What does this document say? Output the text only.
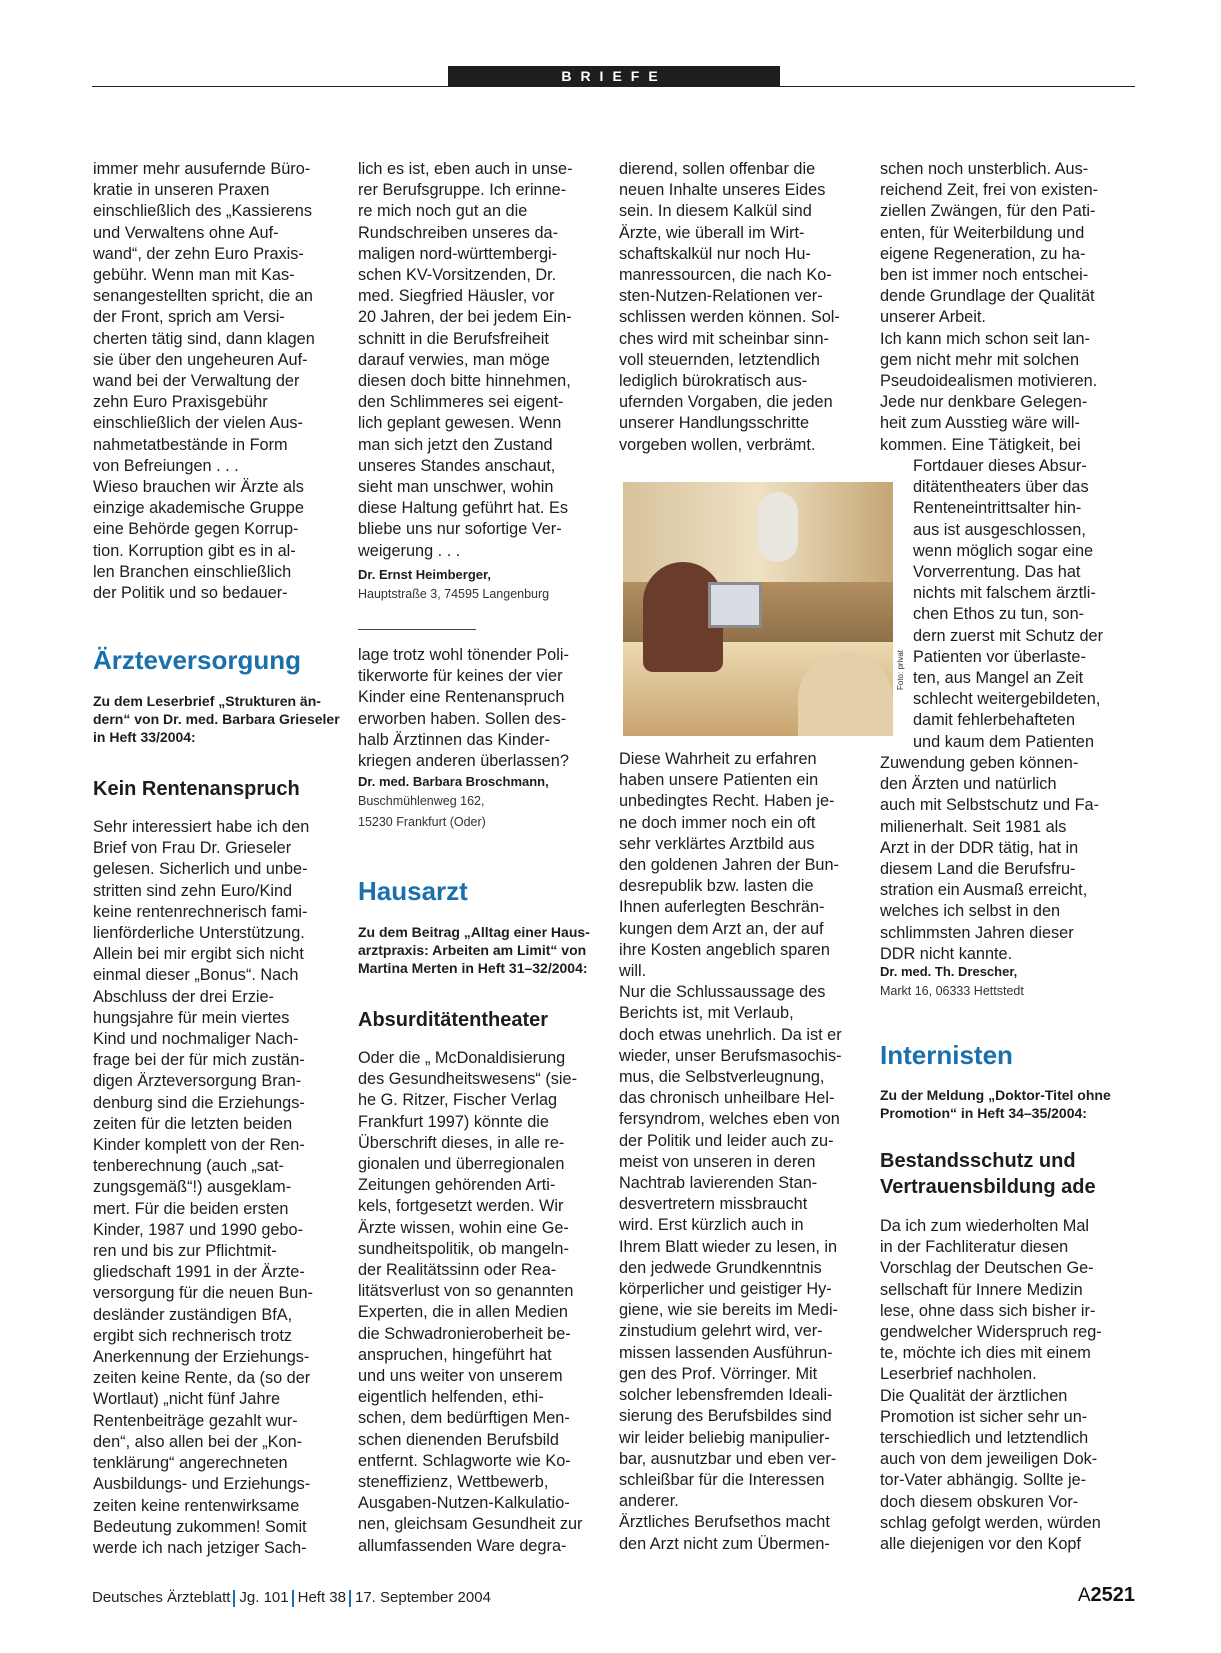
BRIEFE

immer mehr ausufernde Büro-

kratie in unseren Praxen

einschließlich des „Kassierens

und Verwaltens ohne Auf-

wand“, der zehn Euro Praxis-

gebühr. Wenn man mit Kas-

senangestellten spricht, die an

der Front, sprich am Versi-

cherten tätig sind, dann klagen

sie über den ungeheuren Auf-

wand bei der Verwaltung der

zehn Euro Praxisgebühr

einschließlich der vielen Aus-

nahmetatbestände in Form

von Befreiungen . . .

Wieso brauchen wir Ärzte als

einzige akademische Gruppe

eine Behörde gegen Korrup-

tion. Korruption gibt es in al-

len Branchen einschließlich

der Politik und so bedauer-

lich es ist, eben auch in unse-

rer Berufsgruppe. Ich erinne-

re mich noch gut an die

Rundschreiben unseres da-

maligen nord-württembergi-

schen KV-Vorsitzenden, Dr.

med. Siegfried Häusler, vor

20 Jahren, der bei jedem Ein-

schnitt in die Berufsfreiheit

darauf verwies, man möge

diesen doch bitte hinnehmen,

den Schlimmeres sei eigent-

lich geplant gewesen. Wenn

man sich jetzt den Zustand

unseres Standes anschaut,

sieht man unschwer, wohin

diese Haltung geführt hat. Es

bliebe uns nur sofortige Ver-

weigerung . . .

Dr. Ernst Heimberger,

Hauptstraße 3, 74595 Langenburg

dierend, sollen offenbar die

neuen Inhalte unseres Eides

sein. In diesem Kalkül sind

Ärzte, wie überall im Wirt-

schaftskalkül nur noch Hu-

manressourcen, die nach Ko-

sten-Nutzen-Relationen ver-

schlissen werden können. Sol-

ches wird mit scheinbar sinn-

voll steuernden, letztendlich

lediglich bürokratisch aus-

ufernden Vorgaben, die jeden

unserer Handlungsschritte

vorgeben wollen, verbrämt.

Foto: privat

Diese Wahrheit zu erfahren

haben unsere Patienten ein

unbedingtes Recht. Haben je-

ne doch immer noch ein oft

sehr verklärtes Arztbild aus

den goldenen Jahren der Bun-

desrepublik bzw. lasten die

Ihnen auferlegten Beschrän-

kungen dem Arzt an, der auf

ihre Kosten angeblich sparen

will.

Nur die Schlussaussage des

Berichts ist, mit Verlaub,

doch etwas unehrlich. Da ist er

wieder, unser Berufsmasochis-

mus, die Selbstverleugnung,

das chronisch unheilbare Hel-

fersyndrom, welches eben von

der Politik und leider auch zu-

meist von unseren in deren

Nachtrab lavierenden Stan-

desvertretern missbraucht

wird. Erst kürzlich auch in

Ihrem Blatt wieder zu lesen, in

den jedwede Grundkenntnis

körperlicher und geistiger Hy-

giene, wie sie bereits im Medi-

zinstudium gelehrt wird, ver-

missen lassenden Ausführun-

gen des Prof. Vörringer. Mit

solcher lebensfremden Ideali-

sierung des Berufsbildes sind

wir leider beliebig manipulier-

bar, ausnutzbar und eben ver-

schleißbar für die Interessen

anderer.

Ärztliches Berufsethos macht

den Arzt nicht zum Übermen-

schen noch unsterblich. Aus-

reichend Zeit, frei von existen-

ziellen Zwängen, für den Pati-

enten, für Weiterbildung und

eigene Regeneration, zu ha-

ben ist immer noch entschei-

dende Grundlage der Qualität

unserer Arbeit.

Ich kann mich schon seit lan-

gem nicht mehr mit solchen

Pseudoidealismen motivieren.

Jede nur denkbare Gelegen-

heit zum Ausstieg wäre will-

kommen. Eine Tätigkeit, bei

Fortdauer dieses Absur-

ditätentheaters über das

Renteneintrittsalter hin-

aus ist ausgeschlossen,

wenn möglich sogar eine

Vorverrentung. Das hat

nichts mit falschem ärztli-

chen Ethos zu tun, son-

dern zuerst mit Schutz der

Patienten vor überlaste-

ten, aus Mangel an Zeit

schlecht weitergebildeten,

damit fehlerbehafteten

und kaum dem Patienten

Zuwendung geben können-

den Ärzten und natürlich

auch mit Selbstschutz und Fa-

milienerhalt. Seit 1981 als

Arzt in der DDR tätig, hat in

diesem Land die Berufsfru-

stration ein Ausmaß erreicht,

welches ich selbst in den

schlimmsten Jahren dieser

DDR nicht kannte.

Dr. med. Th. Drescher,

Markt 16, 06333 Hettstedt

Ärzteversorgung
Zu dem Leserbrief „Strukturen än-
dern“ von Dr. med. Barbara Grieseler
in Heft 33/2004:
Kein Rentenanspruch

Sehr interessiert habe ich den

Brief von Frau Dr. Grieseler

gelesen. Sicherlich und unbe-

stritten sind zehn Euro/Kind

keine rentenrechnerisch fami-

lienförderliche Unterstützung.

Allein bei mir ergibt sich nicht

einmal dieser „Bonus“. Nach

Abschluss der drei Erzie-

hungsjahre für mein viertes

Kind und nochmaliger Nach-

frage bei der für mich zustän-

digen Ärzteversorgung Bran-

denburg sind die Erziehungs-

zeiten für die letzten beiden

Kinder komplett von der Ren-

tenberechnung (auch „sat-

zungsgemäß“!) ausgeklam-

mert. Für die beiden ersten

Kinder, 1987 und 1990 gebo-

ren und bis zur Pflichtmit-

gliedschaft 1991 in der Ärzte-

versorgung für die neuen Bun-

desländer zuständigen BfA,

ergibt sich rechnerisch trotz

Anerkennung der Erziehungs-

zeiten keine Rente, da (so der

Wortlaut) „nicht fünf Jahre

Rentenbeiträge gezahlt wur-

den“, also allen bei der „Kon-

tenklärung“ angerechneten

Ausbildungs- und Erziehungs-

zeiten keine rentenwirksame

Bedeutung zukommen! Somit

werde ich nach jetziger Sach-

lage trotz wohl tönender Poli-

tikerworte für keines der vier

Kinder eine Rentenanspruch

erworben haben. Sollen des-

halb Ärztinnen das Kinder-

kriegen anderen überlassen?

Dr. med. Barbara Broschmann,

Buschmühlenweg 162,

15230 Frankfurt (Oder)

Hausarzt
Zu dem Beitrag „Alltag einer Haus-
arztpraxis: Arbeiten am Limit“ von
Martina Merten in Heft 31–32/2004:
Absurditätentheater

Oder die „ McDonaldisierung

des Gesundheitswesens“ (sie-

he G. Ritzer, Fischer Verlag

Frankfurt 1997) könnte die

Überschrift dieses, in alle re-

gionalen und überregionalen

Zeitungen gehörenden Arti-

kels, fortgesetzt werden. Wir

Ärzte wissen, wohin eine Ge-

sundheitspolitik, ob mangeln-

der Realitätssinn oder Rea-

litätsverlust von so genannten

Experten, die in allen Medien

die Schwadronieroberheit be-

anspruchen, hingeführt hat

und uns weiter von unserem

eigentlich helfenden, ethi-

schen, dem bedürftigen Men-

schen dienenden Berufsbild

entfernt. Schlagworte wie Ko-

steneffizienz, Wettbewerb,

Ausgaben-Nutzen-Kalkulatio-

nen, gleichsam Gesundheit zur

allumfassenden Ware degra-

Internisten
Zu der Meldung „Doktor-Titel ohne
Promotion“ in Heft 34–35/2004:
Bestandsschutz und
Vertrauensbildung ade

Da ich zum wiederholten Mal

in der Fachliteratur diesen

Vorschlag der Deutschen Ge-

sellschaft für Innere Medizin

lese, ohne dass sich bisher ir-

gendwelcher Widerspruch reg-

te, möchte ich dies mit einem

Leserbrief nachholen.

Die Qualität der ärztlichen

Promotion ist sicher sehr un-

terschiedlich und letztendlich

auch von dem jeweiligen Dok-

tor-Vater abhängig. Sollte je-

doch diesem obskuren Vor-

schlag gefolgt werden, würden

alle diejenigen vor den Kopf

Deutsches Ärzteblatt Jg. 101 Heft 38 17. September 2004	A2521
